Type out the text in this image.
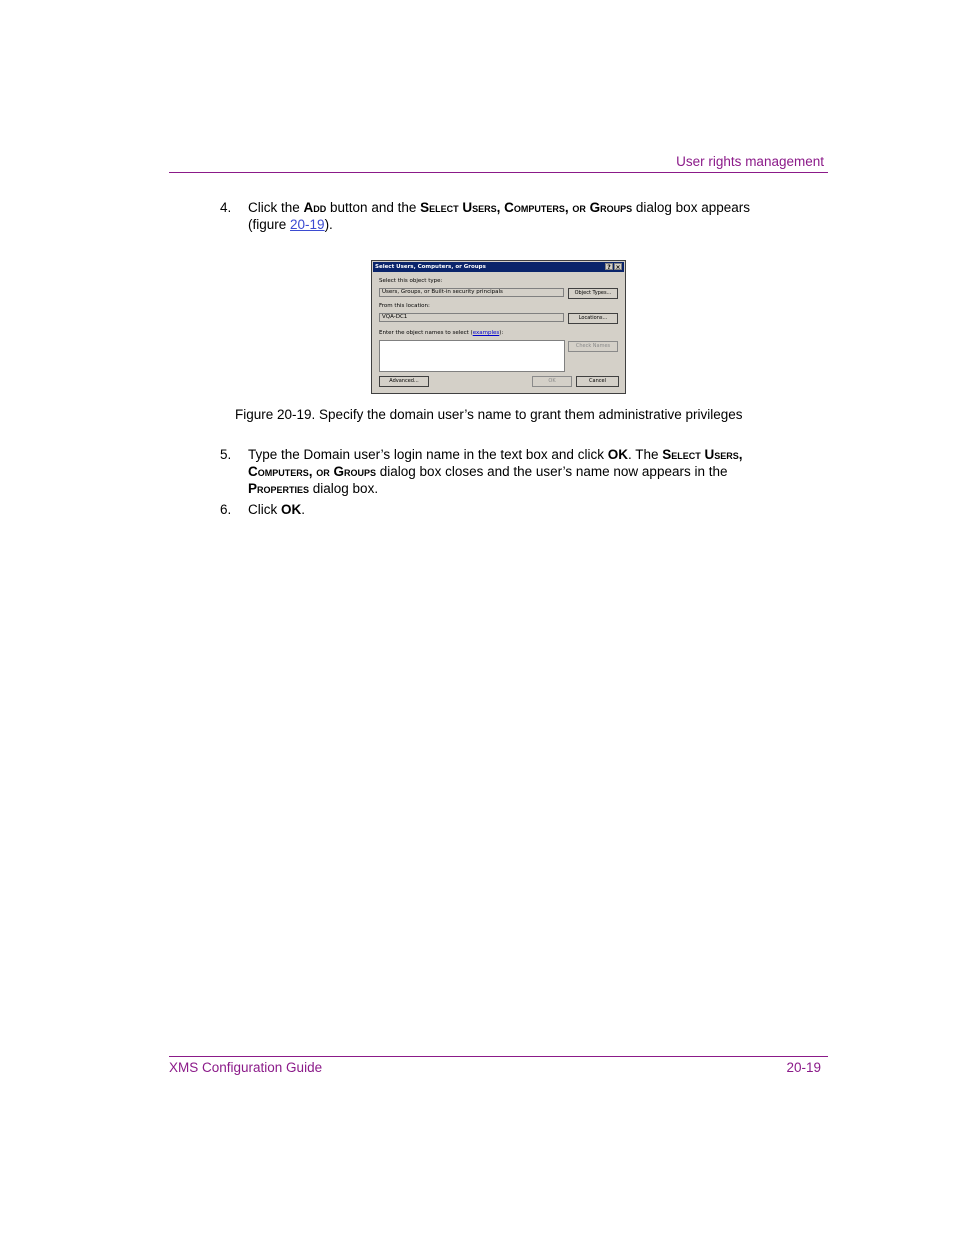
User rights management
4. Click the Add button and the Select Users, Computers, or Groups dialog box appears (figure 20-19).
Select Users, Computers, or Groups	? ×
Select this object type:
Users, Groups, or Built-in security principals	Object Types...
From this location:
VQA-DC1	Locations...
Enter the object names to select (examples):
Check Names
Advanced...	OK	Cancel
Figure 20-19. Specify the domain user’s name to grant them administrative privileges
5. Type the Domain user’s login name in the text box and click OK. The Select Users, Computers, or Groups dialog box closes and the user’s name now appears in the Properties dialog box.
6. Click OK.
XMS Configuration Guide	20-19
